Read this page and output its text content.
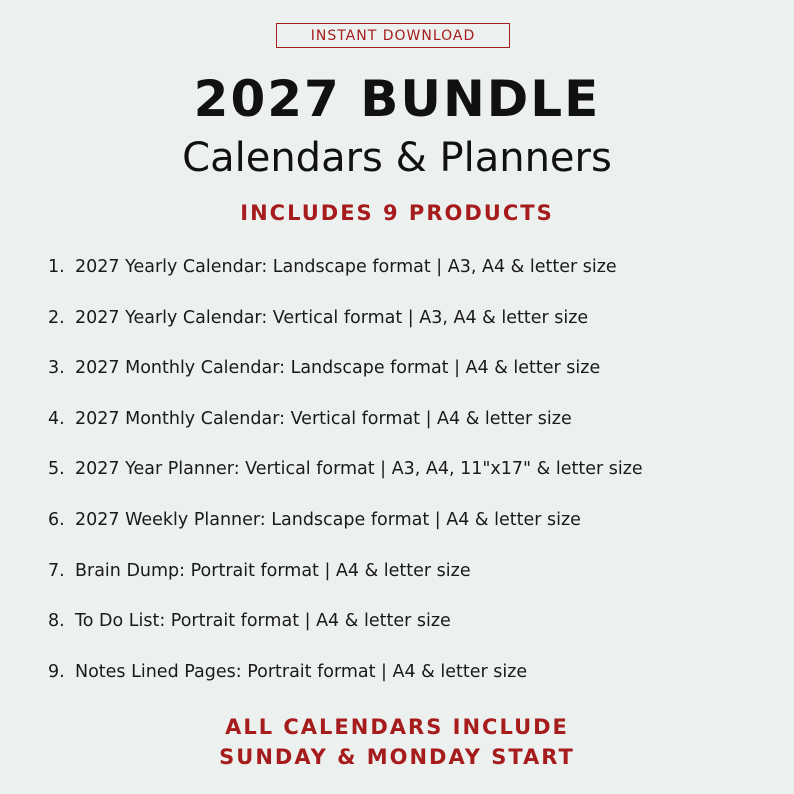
INSTANT DOWNLOAD
2027 BUNDLE
Calendars & Planners
INCLUDES 9 PRODUCTS
1. 2027 Yearly Calendar: Landscape format | A3, A4 & letter size
2. 2027 Yearly Calendar: Vertical format | A3, A4 & letter size
3. 2027 Monthly Calendar: Landscape format | A4 & letter size
4. 2027 Monthly Calendar: Vertical format | A4 & letter size
5. 2027 Year Planner: Vertical format | A3, A4, 11"x17" & letter size
6. 2027 Weekly Planner: Landscape format | A4 & letter size
7. Brain Dump: Portrait format | A4 & letter size
8. To Do List: Portrait format | A4 & letter size
9. Notes Lined Pages: Portrait format | A4 & letter size
ALL CALENDARS INCLUDE
SUNDAY & MONDAY START
